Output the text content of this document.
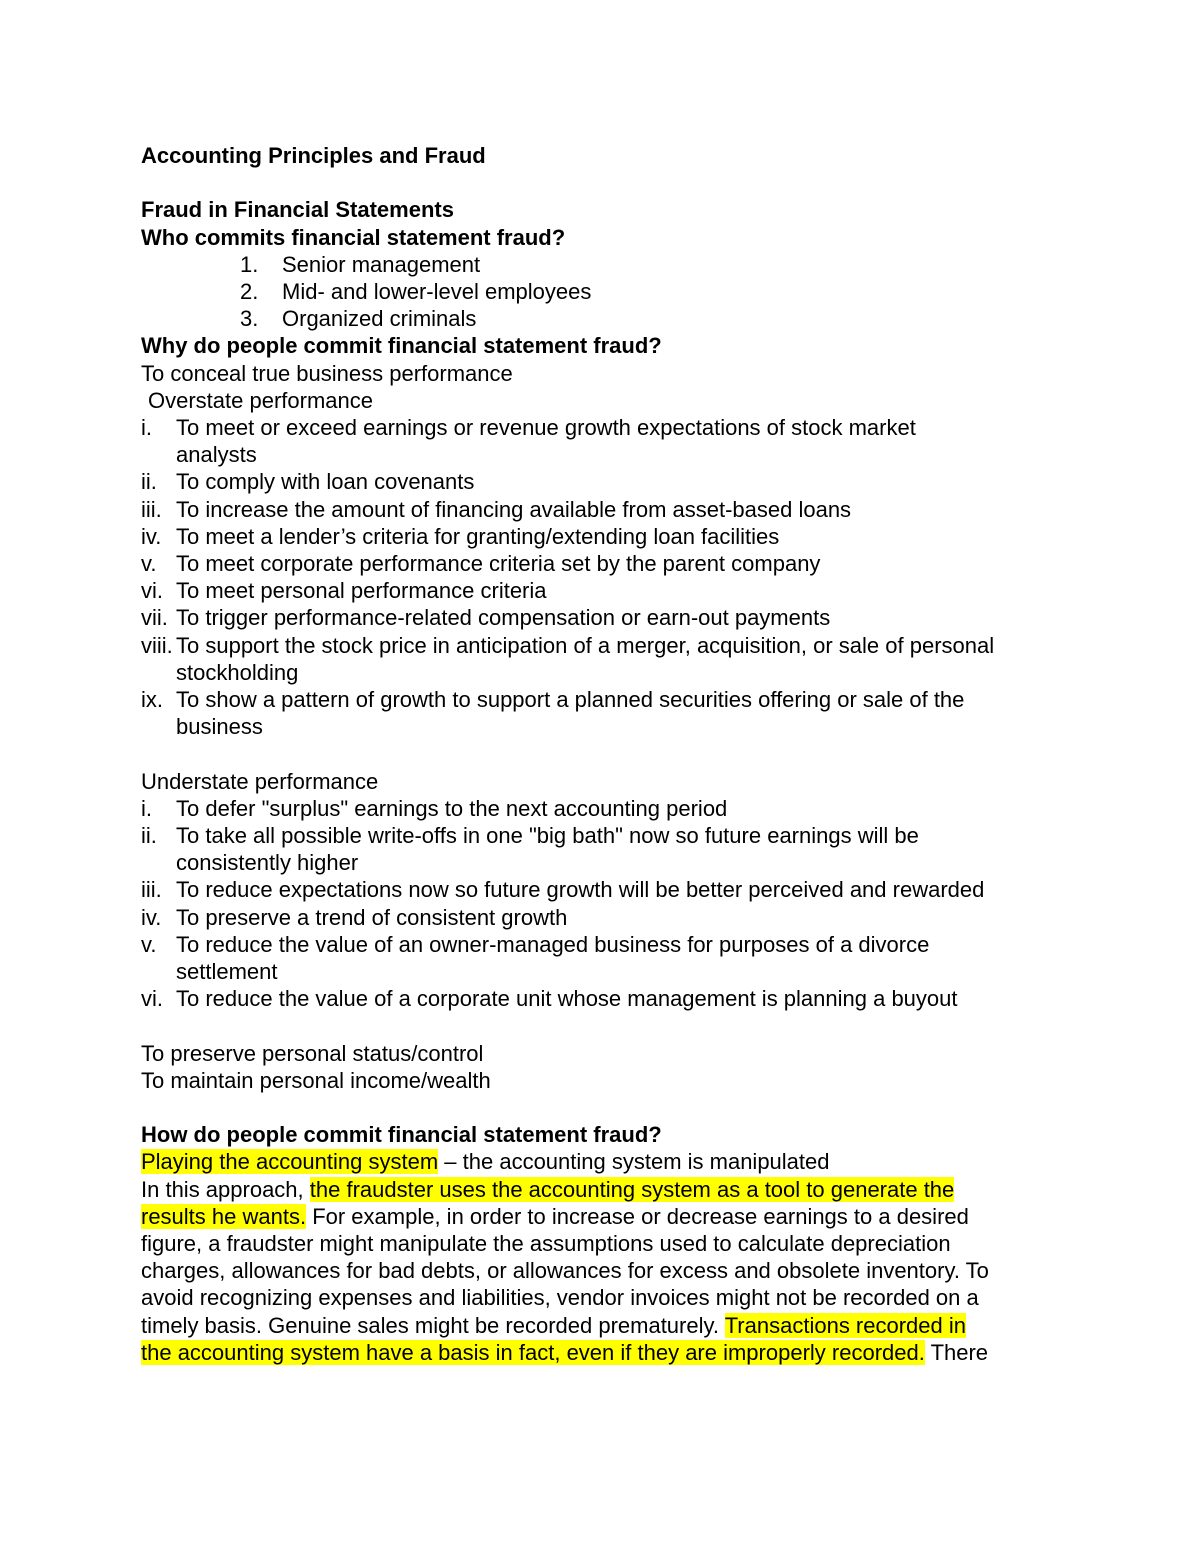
Accounting Principles and Fraud
Fraud in Financial Statements
Who commits financial statement fraud?
1. Senior management
2. Mid- and lower-level employees
3. Organized criminals
Why do people commit financial statement fraud?
To conceal true business performance
Overstate performance
i. To meet or exceed earnings or revenue growth expectations of stock market
analysts
ii. To comply with loan covenants
iii. To increase the amount of financing available from asset-based loans
iv. To meet a lender’s criteria for granting/extending loan facilities
v. To meet corporate performance criteria set by the parent company
vi. To meet personal performance criteria
vii. To trigger performance-related compensation or earn-out payments
viii. To support the stock price in anticipation of a merger, acquisition, or sale of personal
stockholding
ix. To show a pattern of growth to support a planned securities offering or sale of the
business
Understate performance
i. To defer "surplus" earnings to the next accounting period
ii. To take all possible write-offs in one "big bath" now so future earnings will be
consistently higher
iii. To reduce expectations now so future growth will be better perceived and rewarded
iv. To preserve a trend of consistent growth
v. To reduce the value of an owner-managed business for purposes of a divorce
settlement
vi. To reduce the value of a corporate unit whose management is planning a buyout
To preserve personal status/control
To maintain personal income/wealth
How do people commit financial statement fraud?
Playing the accounting system – the accounting system is manipulated
In this approach, the fraudster uses the accounting system as a tool to generate the
results he wants. For example, in order to increase or decrease earnings to a desired
figure, a fraudster might manipulate the assumptions used to calculate depreciation
charges, allowances for bad debts, or allowances for excess and obsolete inventory. To
avoid recognizing expenses and liabilities, vendor invoices might not be recorded on a
timely basis. Genuine sales might be recorded prematurely. Transactions recorded in
the accounting system have a basis in fact, even if they are improperly recorded. There
